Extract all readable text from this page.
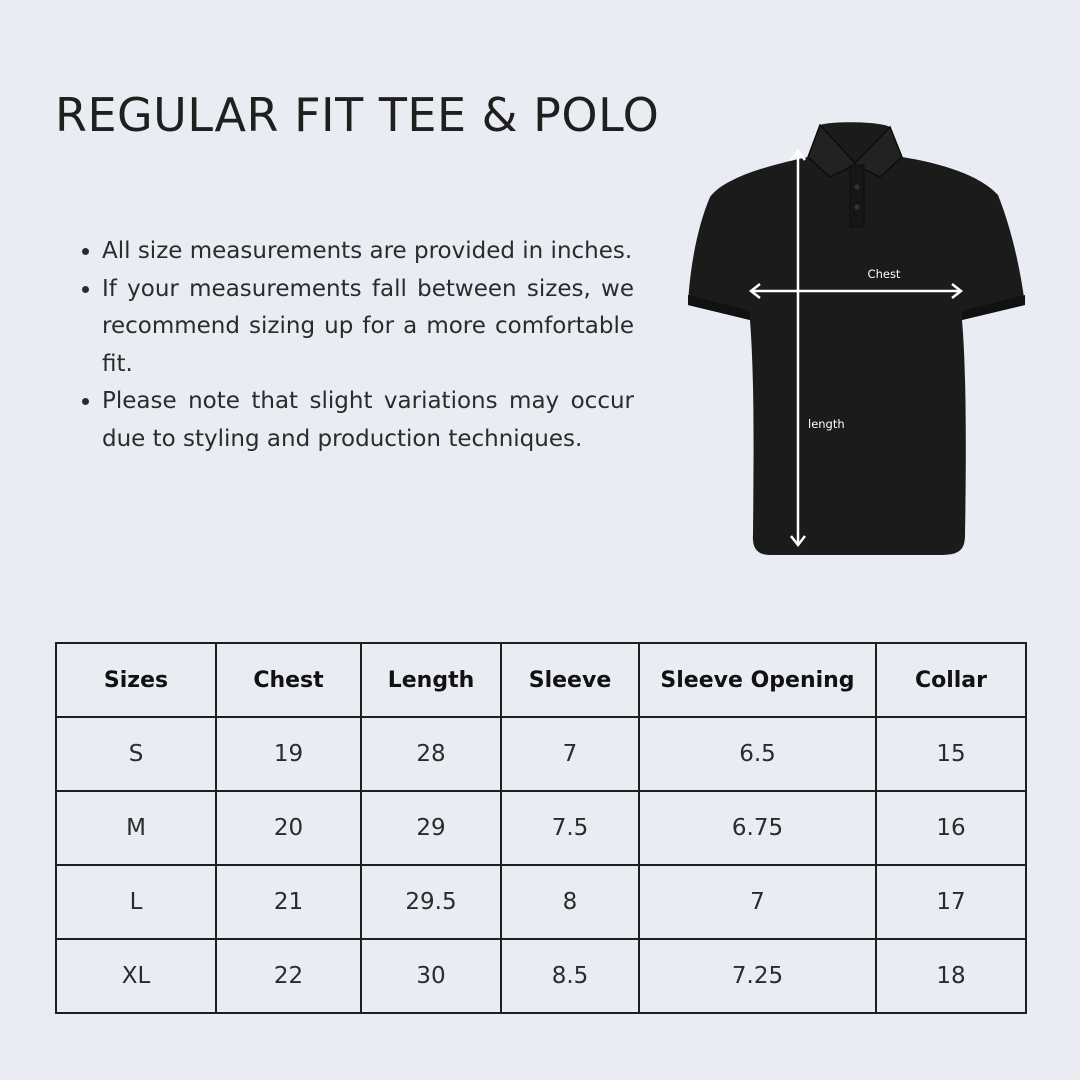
REGULAR FIT TEE & POLO
• All size measurements are provided in inches.
• If your measurements fall between sizes, we recommend sizing up for a more comfortable fit.
• Please note that slight variations may occur due to styling and production techniques.
Chest
length
Sizes	Chest	Length	Sleeve	Sleeve Opening	Collar
S	19	28	7	6.5	15
M	20	29	7.5	6.75	16
L	21	29.5	8	7	17
XL	22	30	8.5	7.25	18
